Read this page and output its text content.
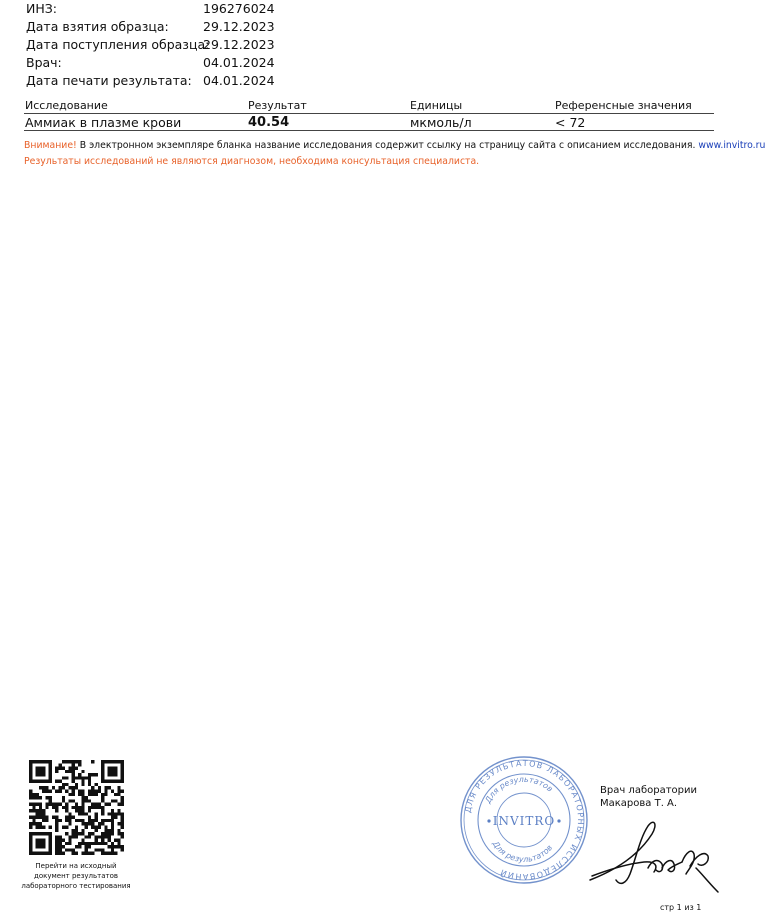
ИНЗ:	196276024
Дата взятия образца:	29.12.2023
Дата поступления образца:
29.12.2023
Врач:	04.01.2024
Дата печати результата: 04.01.2024
Исследование	Результат	Единицы	Референсные значения
Аммиак в плазме крови	40.54	мкмоль/л	< 72
Внимание! В электронном экземпляре бланка название исследования содержит ссылку на страницу сайта с описанием исследования. www.invitro.ru
Результаты исследований не являются диагнозом, необходима консультация специалиста.
Перейти на исходный
документ результатов
лабораторного тестирования
ДЛЯ РЕЗУЛЬТАТОВ ЛАБОРАТОРНЫХ ИССЛЕДОВАНИЙ
Для результатов
Для результатов
INVITRO
Врач лаборатории
Макарова Т. А.
стр 1 из 1
